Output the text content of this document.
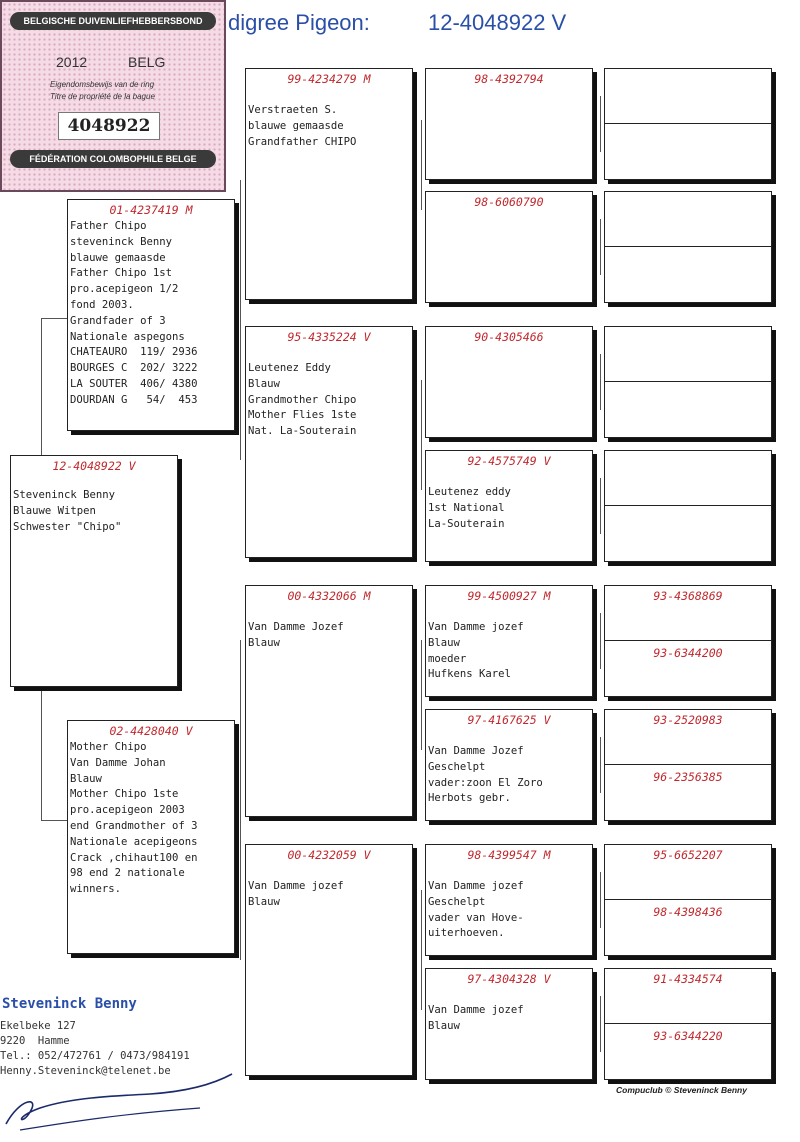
digree Pigeon:	12-4048922 V
BELGISCHE DUIVENLIEFHEBBERSBOND
2012	BELG
Eigendomsbewijs van de ring
Titre de propriété de la bague
4048922
FÉDÉRATION COLOMBOPHILE BELGE
12-4048922 V
Steveninck Benny
Blauwe Witpen
Schwester "Chipo"
01-4237419 M
Father Chipo
steveninck Benny
blauwe gemaasde
Father Chipo 1st
pro.acepigeon 1/2
fond 2003.
Grandfader of 3
Nationale aspegons
CHATEAURO  119/ 2936
BOURGES C  202/ 3222
LA SOUTER  406/ 4380
DOURDAN G   54/  453
02-4428040 V
Mother Chipo
Van Damme Johan
Blauw
Mother Chipo 1ste
pro.acepigeon 2003
end Grandmother of 3
Nationale acepigeons
Crack ,chihaut100 en
98 end 2 nationale
winners.
99-4234279 M
Verstraeten S.
blauwe gemaasde
Grandfather CHIPO
95-4335224 V
Leutenez Eddy
Blauw
Grandmother Chipo
Mother Flies 1ste
Nat. La-Souterain
00-4332066 M
Van Damme Jozef
Blauw
00-4232059 V
Van Damme jozef
Blauw
98-4392794
98-6060790
90-4305466
92-4575749 V
Leutenez eddy
1st National
La-Souterain
99-4500927 M
Van Damme jozef
Blauw
moeder
Hufkens Karel
97-4167625 V
Van Damme Jozef
Geschelpt
vader:zoon El Zoro
Herbots gebr.
98-4399547 M
Van Damme jozef
Geschelpt
vader van Hove-
uiterhoeven.
97-4304328 V
Van Damme jozef
Blauw
93-4368869
93-6344200
93-2520983
96-2356385
95-6652207
98-4398436
91-4334574
93-6344220
Steveninck Benny
Ekelbeke 127
9220  Hamme
Tel.: 052/472761 / 0473/984191
Henny.Steveninck@telenet.be
Compuclub © Steveninck Benny
